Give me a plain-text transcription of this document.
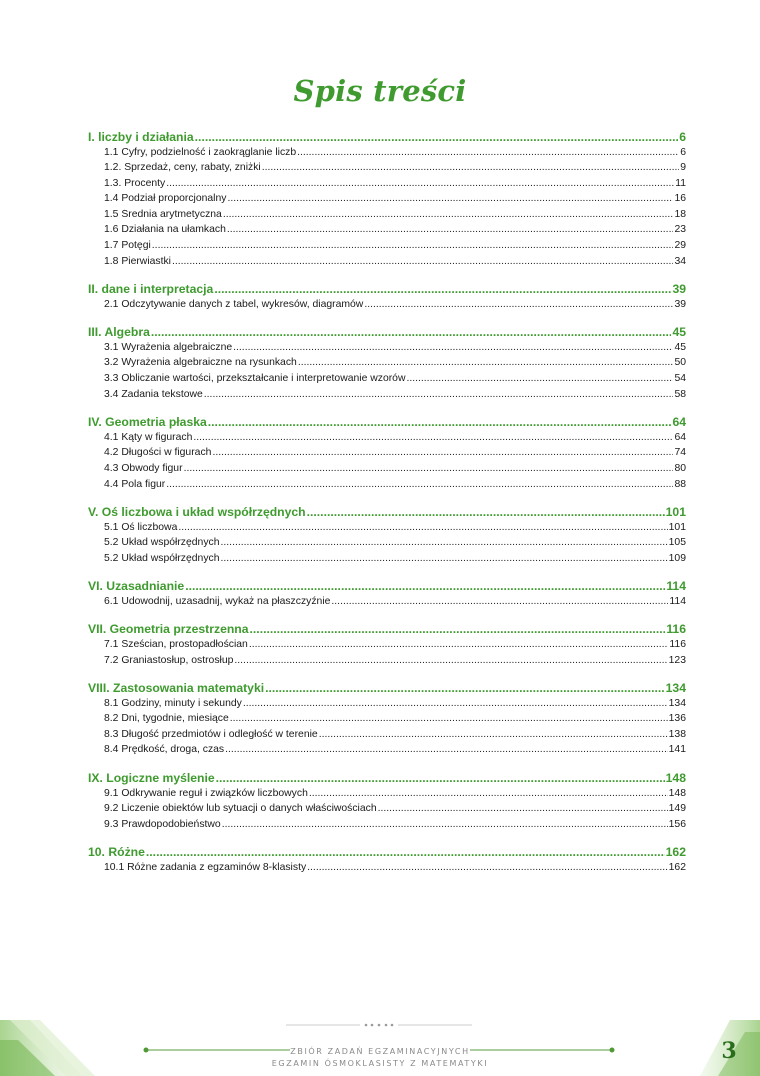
Spis treści
I. liczby i działania .....	6
1.1 Cyfry, podzielność i zaokrąglanie liczb .....	6
1.2. Sprzedaż, ceny, rabaty, zniżki .....	9
1.3. Procenty .....	11
1.4 Podział proporcjonalny .....	16
1.5 Średnia arytmetyczna .....	18
1.6 Działania na ułamkach .....	23
1.7 Potęgi .....	29
1.8 Pierwiastki .....	34
II. dane i interpretacja .....	39
2.1 Odczytywanie danych z tabel, wykresów, diagramów .....	39
III. Algebra .....	45
3.1 Wyrażenia algebraiczne .....	45
3.2 Wyrażenia algebraiczne na rysunkach .....	50
3.3 Obliczanie wartości, przekształcanie i interpretowanie wzorów .....	54
3.4 Zadania tekstowe .....	58
IV. Geometria płaska .....	64
4.1 Kąty w figurach .....	64
4.2 Długości w figurach .....	74
4.3 Obwody figur .....	80
4.4 Pola figur .....	88
V. Oś liczbowa i układ współrzędnych .....	101
5.1 Oś liczbowa .....	101
5.2 Układ współrzędnych .....	105
5.2 Układ współrzędnych .....	109
VI. Uzasadnianie .....	114
6.1 Udowodnij, uzasadnij, wykaż na płaszczyźnie .....	114
VII. Geometria przestrzenna .....	116
7.1 Sześcian, prostopadłościan .....	116
7.2 Graniastosłup, ostrosłup .....	123
VIII. Zastosowania matematyki .....	134
8.1 Godziny, minuty i sekundy .....	134
8.2 Dni, tygodnie, miesiące .....	136
8.3 Długość przedmiotów i odległość w terenie .....	138
8.4 Prędkość, droga, czas .....	141
IX. Logiczne myślenie .....	148
9.1 Odkrywanie reguł i związków liczbowych .....	148
9.2 Liczenie obiektów lub sytuacji o danych właściwościach .....	149
9.3 Prawdopodobieństwo .....	156
10. Różne .....	162
10.1 Różne zadania z egzaminów 8-klasisty .....	162
ZBIÓR ZADAŃ EGZAMINACYJNYCH
EGZAMIN ÓSMOKLASISTY Z MATEMATYKI	3
